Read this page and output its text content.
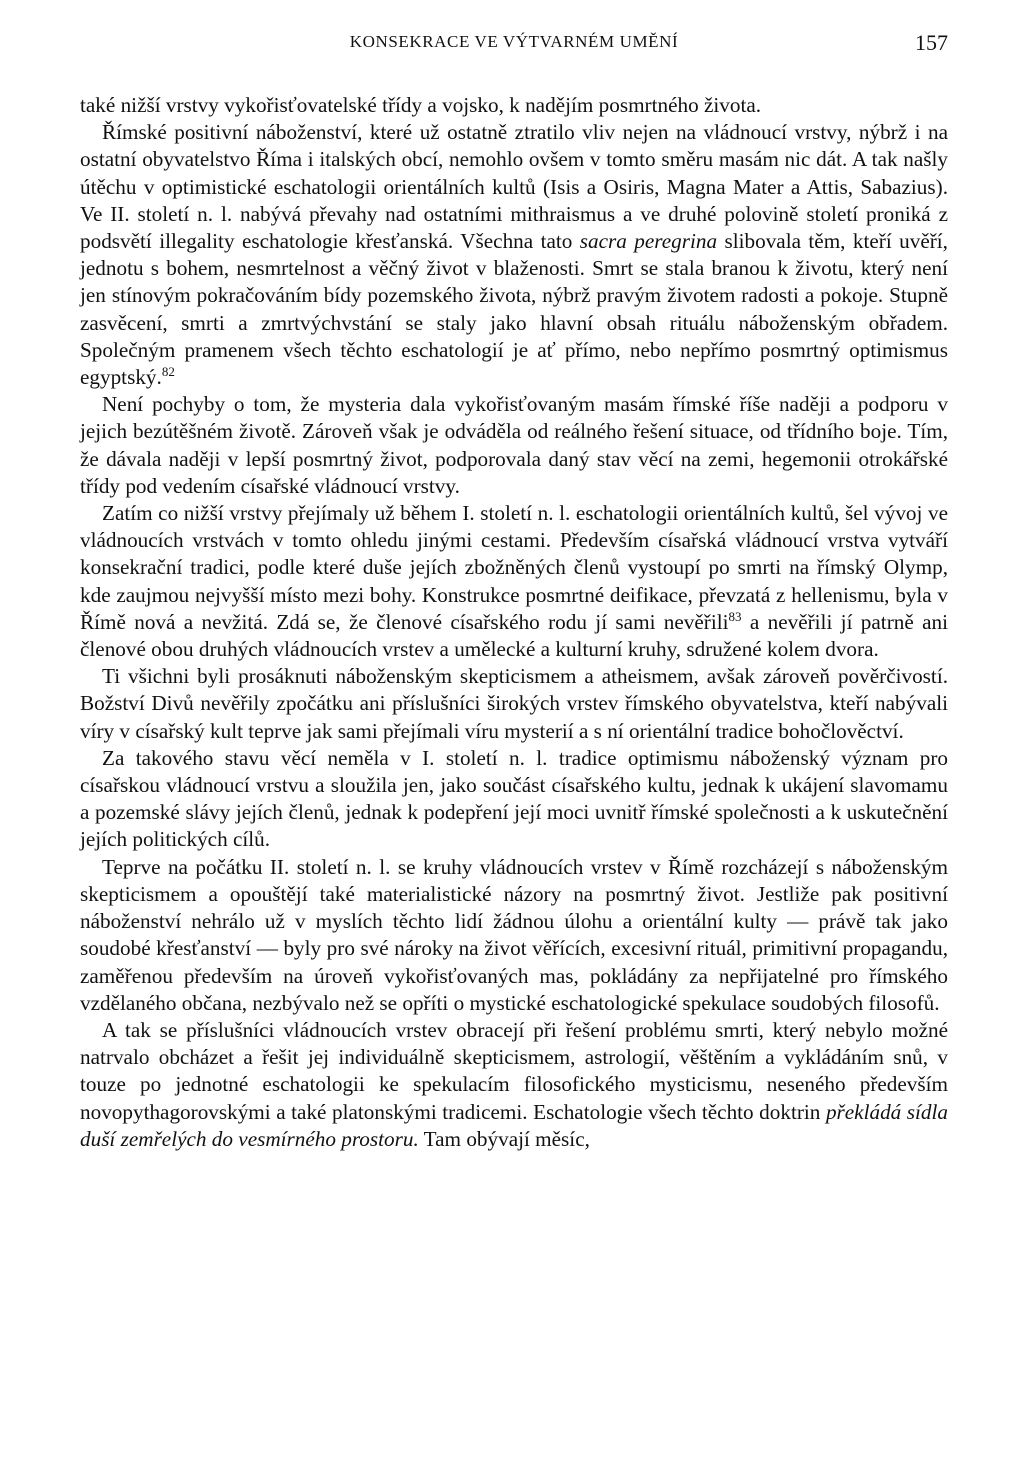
KONSEKRACE VE VÝTVARNÉM UMĚNÍ	157

také nižší vrstvy vykořisťovatelské třídy a vojsko, k nadějím posmrtného života.

Římské positivní náboženství, které už ostatně ztratilo vliv nejen na vládnoucí vrstvy, nýbrž i na ostatní obyvatelstvo Říma i italských obcí, nemohlo ovšem v tomto směru masám nic dát. A tak našly útěchu v optimistické eschatologii orientálních kultů (Isis a Osiris, Magna Mater a Attis, Sabazius). Ve II. století n. l. nabývá převahy nad ostatními mithraismus a ve druhé polovině století proniká z podsvětí illegality eschatologie křesťanská. Všechna tato sacra peregrina slibovala těm, kteří uvěří, jednotu s bohem, nesmrtelnost a věčný život v blaženosti. Smrt se stala branou k životu, který není jen stínovým pokračováním bídy pozemského života, nýbrž pravým životem radosti a pokoje. Stupně zasvěcení, smrti a zmrtvýchvstání se staly jako hlavní obsah rituálu náboženským obřadem. Společným pramenem všech těchto eschatologií je ať přímo, nebo nepřímo posmrtný optimismus egyptský.$^{82}$

Není pochyby o tom, že mysteria dala vykořisťovaným masám římské říše naději a podporu v jejich bezútěšném životě. Zároveň však je odváděla od reálného řešení situace, od třídního boje. Tím, že dávala naději v lepší posmrtný život, podporovala daný stav věcí na zemi, hegemonii otrokářské třídy pod vedením císařské vládnoucí vrstvy.

Zatím co nižší vrstvy přejímaly už během I. století n. l. eschatologii orientálních kultů, šel vývoj ve vládnoucích vrstvách v tomto ohledu jinými cestami. Především císařská vládnoucí vrstva vytváří konsekrační tradici, podle které duše jejích zbožněných členů vystoupí po smrti na římský Olymp, kde zaujmou nejvyšší místo mezi bohy. Konstrukce posmrtné deifikace, převzatá z hellenismu, byla v Římě nová a nevžitá. Zdá se, že členové císařského rodu jí sami nevěřili$^{83}$ a nevěřili jí patrně ani členové obou druhých vládnoucích vrstev a umělecké a kulturní kruhy, sdružené kolem dvora.

Ti všichni byli prosáknuti náboženským skepticismem a atheismem, avšak zároveň pověrčivostí. Božství Divů nevěřily zpočátku ani příslušníci širokých vrstev římského obyvatelstva, kteří nabývali víry v císařský kult teprve jak sami přejímali víru mysterií a s ní orientální tradice bohočlověctví.

Za takového stavu věcí neměla v I. století n. l. tradice optimismu náboženský význam pro císařskou vládnoucí vrstvu a sloužila jen, jako součást císařského kultu, jednak k ukájení slavomamu a pozemské slávy jejích členů, jednak k podepření její moci uvnitř římské společnosti a k uskutečnění jejích politických cílů.

Teprve na počátku II. století n. l. se kruhy vládnoucích vrstev v Římě rozcházejí s náboženským skepticismem a opouštějí také materialistické názory na posmrtný život. Jestliže pak positivní náboženství nehrálo už v myslích těchto lidí žádnou úlohu a orientální kulty — právě tak jako soudobé křesťanství — byly pro své nároky na život věřících, excesivní rituál, primitivní propagandu, zaměřenou především na úroveň vykořisťovaných mas, pokládány za nepřijatelné pro římského vzdělaného občana, nezbývalo než se opříti o mystické eschatologické spekulace soudobých filosofů.

A tak se příslušníci vládnoucích vrstev obracejí při řešení problému smrti, který nebylo možné natrvalo obcházet a řešit jej individuálně skepticismem, astrologií, věštěním a vykládáním snů, v touze po jednotné eschatologii ke spekulacím filosofického mysticismu, neseného především novopythagorovskými a také platonskými tradicemi. Eschatologie všech těchto doktrin překládá sídla duší zemřelých do vesmírného prostoru. Tam obývají měsíc,
